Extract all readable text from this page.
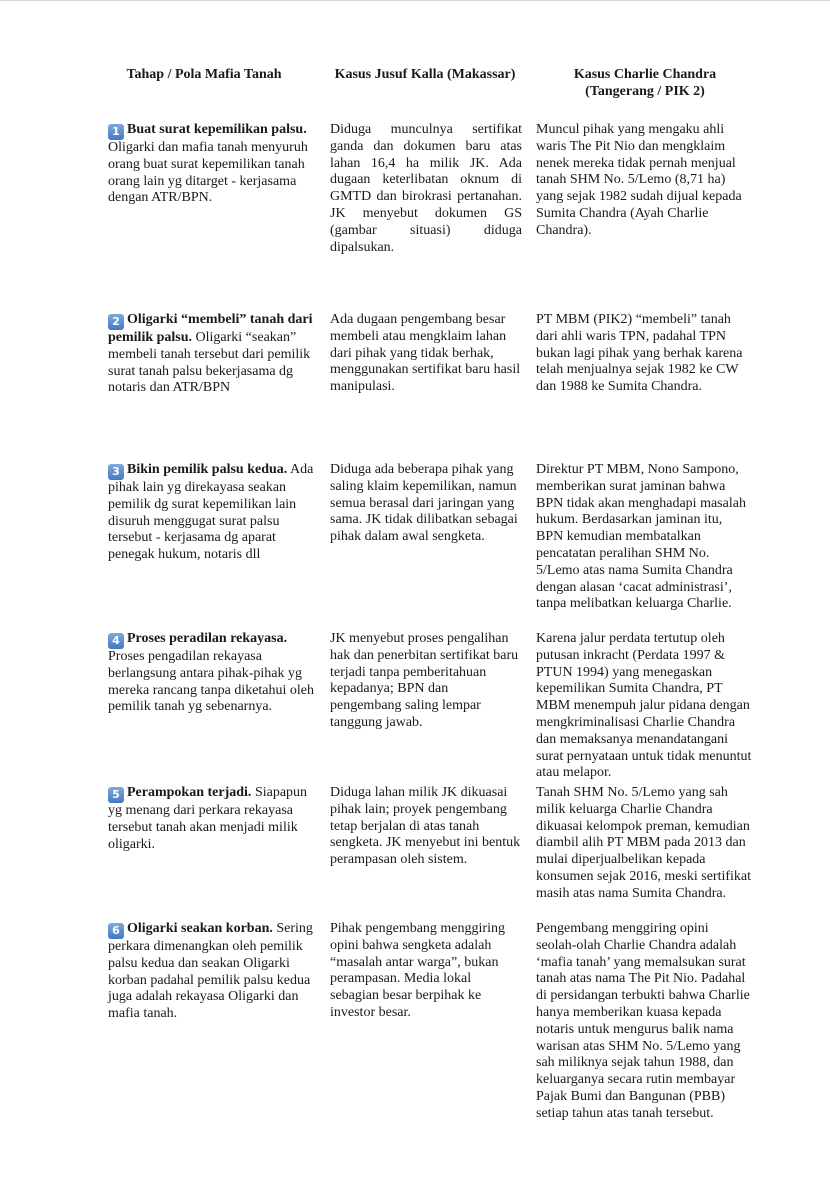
Tahap / Pola Mafia Tanah	Kasus Jusuf Kalla (Makassar)	Kasus Charlie Chandra
(Tangerang / PIK 2)
1 Buat surat kepemilikan palsu. Oligarki dan mafia tanah menyuruh orang buat surat kepemilikan tanah orang lain yg ditarget - kerjasama dengan ATR/BPN.
Diduga munculnya sertifikat ganda dan dokumen baru atas lahan 16,4 ha milik JK. Ada dugaan keterlibatan oknum di GMTD dan birokrasi pertanahan. JK menyebut dokumen GS (gambar situasi) diduga dipalsukan.
Muncul pihak yang mengaku ahli waris The Pit Nio dan mengklaim nenek mereka tidak pernah menjual tanah SHM No. 5/Lemo (8,71 ha) yang sejak 1982 sudah dijual kepada Sumita Chandra (Ayah Charlie Chandra).
2 Oligarki “membeli” tanah dari pemilik palsu. Oligarki “seakan” membeli tanah tersebut dari pemilik surat tanah palsu bekerjasama dg notaris dan ATR/BPN
Ada dugaan pengembang besar membeli atau mengklaim lahan dari pihak yang tidak berhak, menggunakan sertifikat baru hasil manipulasi.
PT MBM (PIK2) “membeli” tanah dari ahli waris TPN, padahal TPN bukan lagi pihak yang berhak karena telah menjualnya sejak 1982 ke CW dan 1988 ke Sumita Chandra.
3 Bikin pemilik palsu kedua. Ada pihak lain yg direkayasa seakan pemilik dg surat kepemilikan lain disuruh menggugat surat palsu tersebut - kerjasama dg aparat penegak hukum, notaris dll
Diduga ada beberapa pihak yang saling klaim kepemilikan, namun semua berasal dari jaringan yang sama. JK tidak dilibatkan sebagai pihak dalam awal sengketa.
Direktur PT MBM, Nono Sampono, memberikan surat jaminan bahwa BPN tidak akan menghadapi masalah hukum. Berdasarkan jaminan itu, BPN kemudian membatalkan pencatatan peralihan SHM No. 5/Lemo atas nama Sumita Chandra dengan alasan ‘cacat administrasi’, tanpa melibatkan keluarga Charlie.
4 Proses peradilan rekayasa. Proses pengadilan rekayasa berlangsung antara pihak-pihak yg mereka rancang tanpa diketahui oleh pemilik tanah yg sebenarnya.
JK menyebut proses pengalihan hak dan penerbitan sertifikat baru terjadi tanpa pemberitahuan kepadanya; BPN dan pengembang saling lempar tanggung jawab.
Karena jalur perdata tertutup oleh putusan inkracht (Perdata 1997 & PTUN 1994) yang menegaskan kepemilikan Sumita Chandra, PT MBM menempuh jalur pidana dengan mengkriminalisasi Charlie Chandra dan memaksanya menandatangani surat pernyataan untuk tidak menuntut atau melapor.
5 Perampokan terjadi. Siapapun yg menang dari perkara rekayasa tersebut tanah akan menjadi milik oligarki.
Diduga lahan milik JK dikuasai pihak lain; proyek pengembang tetap berjalan di atas tanah sengketa. JK menyebut ini bentuk perampasan oleh sistem.
Tanah SHM No. 5/Lemo yang sah milik keluarga Charlie Chandra dikuasai kelompok preman, kemudian diambil alih PT MBM pada 2013 dan mulai diperjualbelikan kepada konsumen sejak 2016, meski sertifikat masih atas nama Sumita Chandra.
6 Oligarki seakan korban. Sering perkara dimenangkan oleh pemilik palsu kedua dan seakan Oligarki korban padahal pemilik palsu kedua juga adalah rekayasa Oligarki dan mafia tanah.
Pihak pengembang menggiring opini bahwa sengketa adalah “masalah antar warga”, bukan perampasan. Media lokal sebagian besar berpihak ke investor besar.
Pengembang menggiring opini seolah-olah Charlie Chandra adalah ‘mafia tanah’ yang memalsukan surat tanah atas nama The Pit Nio. Padahal di persidangan terbukti bahwa Charlie hanya memberikan kuasa kepada notaris untuk mengurus balik nama warisan atas SHM No. 5/Lemo yang sah miliknya sejak tahun 1988, dan keluarganya secara rutin membayar Pajak Bumi dan Bangunan (PBB) setiap tahun atas tanah tersebut.
